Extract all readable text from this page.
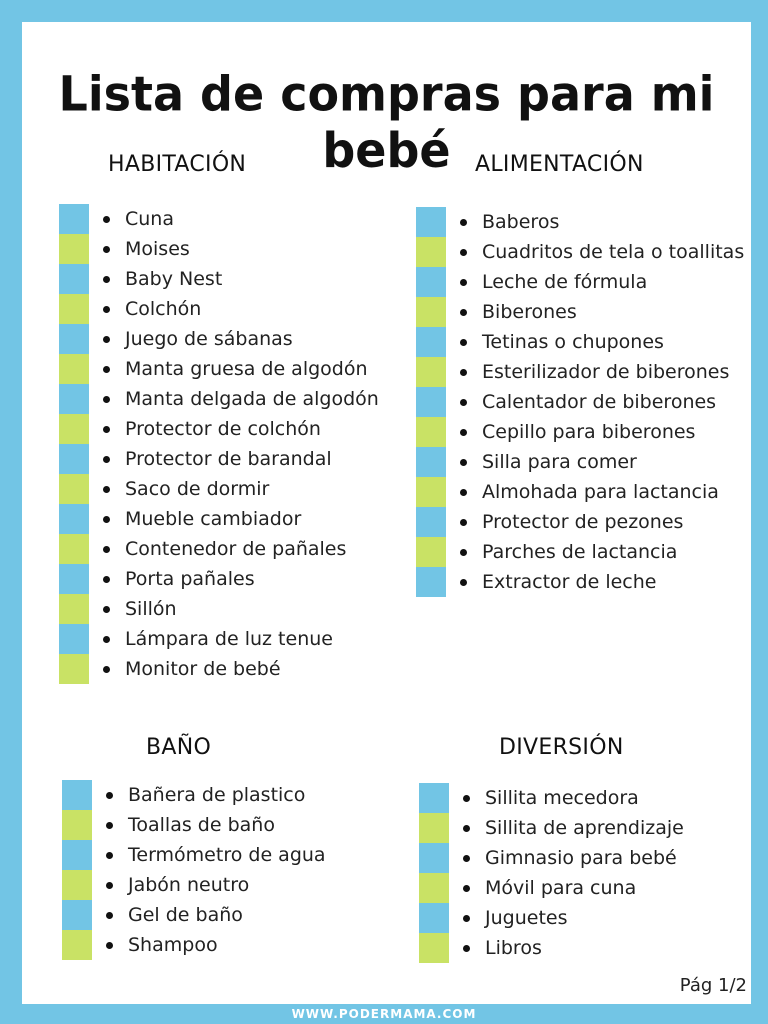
Lista de compras para mi bebé
HABITACIÓN	ALIMENTACIÓN
BAÑO	DIVERSIÓN
Cuna
Moises
Baby Nest
Colchón
Juego de sábanas
Manta gruesa de algodón
Manta delgada de algodón
Protector de colchón
Protector de barandal
Saco de dormir
Mueble cambiador
Contenedor de pañales
Porta pañales
Sillón
Lámpara de luz tenue
Monitor de bebé
Baberos
Cuadritos de tela o toallitas
Leche de fórmula
Biberones
Tetinas o chupones
Esterilizador de biberones
Calentador de biberones
Cepillo para biberones
Silla para comer
Almohada para lactancia
Protector de pezones
Parches de lactancia
Extractor de leche
Bañera de plastico
Toallas de baño
Termómetro de agua
Jabón neutro
Gel de baño
Shampoo
Sillita mecedora
Sillita de aprendizaje
Gimnasio para bebé
Móvil para cuna
Juguetes
Libros
Pág 1/2
WWW.PODERMAMA.COM
